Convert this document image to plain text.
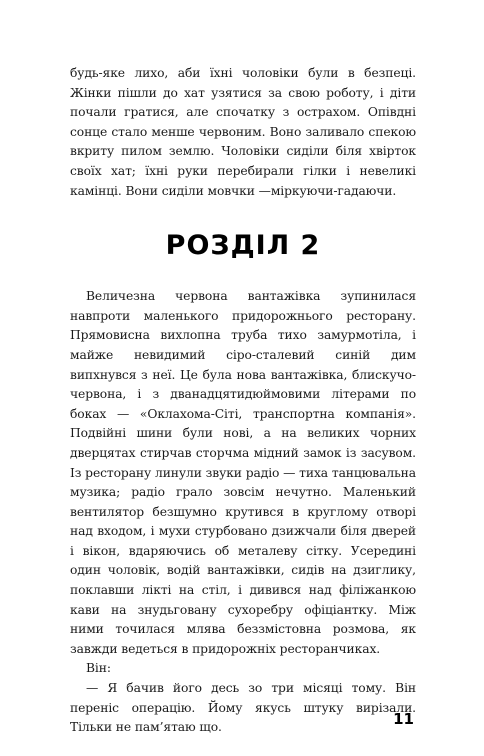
будь-яке лихо, аби їхні чоловіки були в безпеці. Жінки пішли до хат узятися за свою роботу, і діти почали гратися, але спочатку з острахом. Опівдні сонце стало менше червоним. Воно заливало спекою вкриту пилом землю. Чоловіки сиділи біля хвірток своїх хат; їхні руки перебирали гілки і невеликі камінці. Вони сиділи мовчки —міркуючи-гадаючи.

РОЗДІЛ 2

Величезна червона вантажівка зупинилася навпроти маленького придорожнього ресторану. Прямовисна вихлопна труба тихо замурмотіла, і майже невидимий сіро-сталевий синій дим випхнувся з неї. Це була нова вантажівка, блискучо-червона, і з дванадцятидюймовими літерами по боках — «Оклахома-Сіті, транспортна компанія». Подвійні шини були нові, а на великих чорних дверцятах стирчав сторчма мідний замок із засувом. Із ресторану линули звуки радіо — тиха танцювальна музика; радіо грало зовсім нечутно. Маленький вентилятор безшумно крутився в круглому отворі над входом, і мухи стурбовано дзижчали біля дверей і вікон, вдаряючись об металеву сітку. Усередині один чоловік, водій вантажівки, сидів на дзиглику, поклавши лікті на стіл, і дивився над філіжанкою кави на знудьговану сухоребру офіціантку. Між ними точилася млява беззмістовна розмова, як завжди ведеться в придорожніх ресторанчиках.

Він:

— Я бачив його десь зо три місяці тому. Він переніс операцію. Йому якусь штуку вирізали. Тільки не пам’ятаю що.	11
